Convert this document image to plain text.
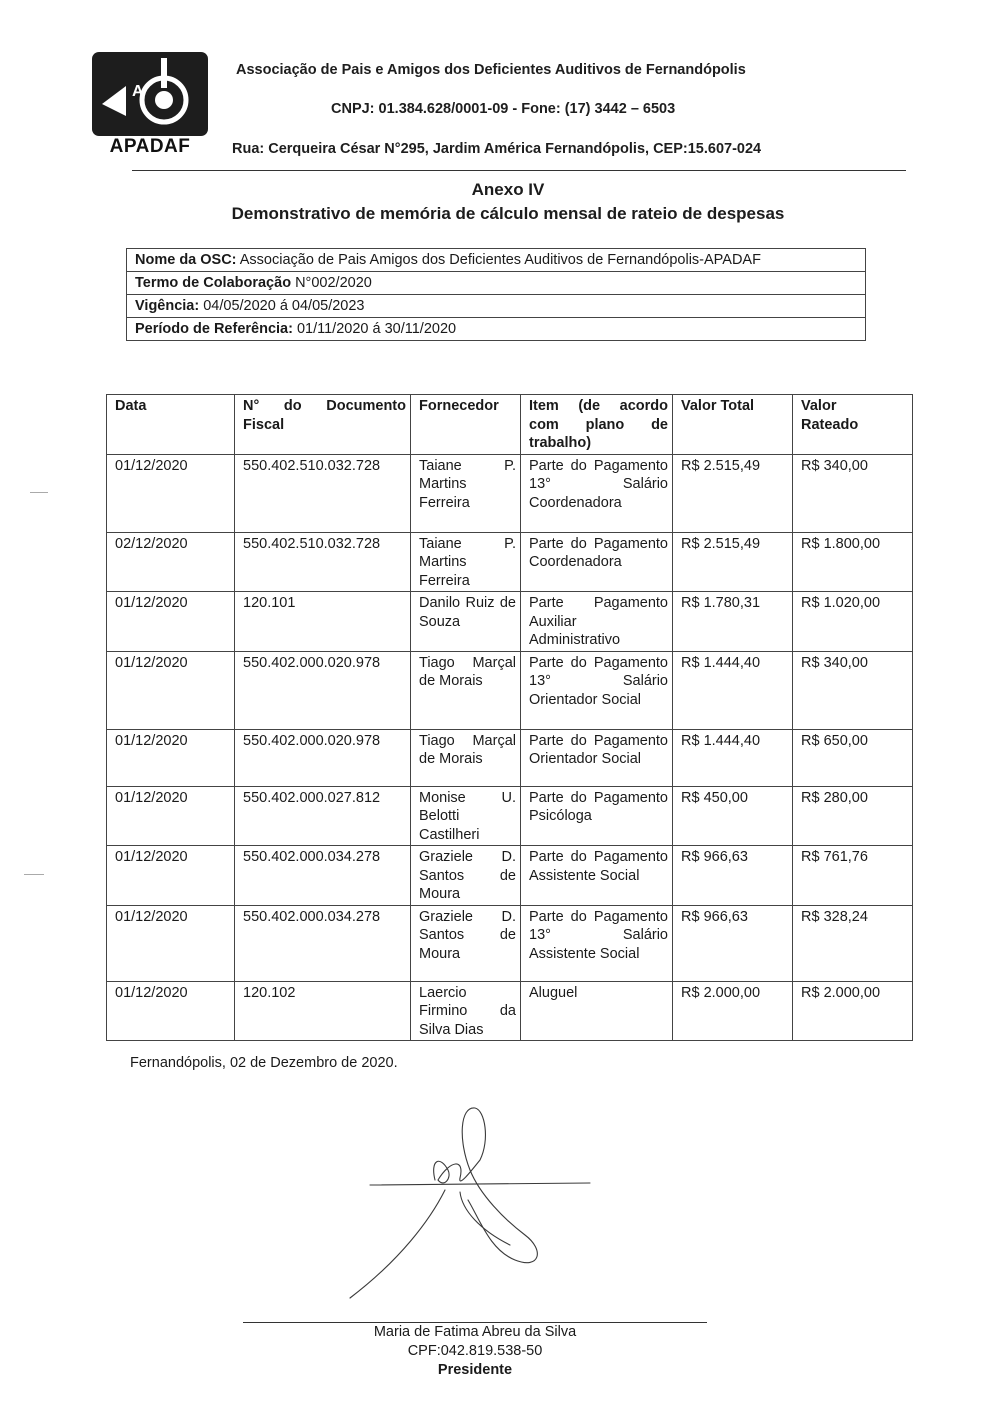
A
APADAF
Associação de Pais e Amigos dos Deficientes Auditivos de Fernandópolis
CNPJ: 01.384.628/0001-09 - Fone: (17) 3442 – 6503
Rua: Cerqueira César N°295, Jardim América Fernandópolis, CEP:15.607-024
Anexo IV
Demonstrativo de memória de cálculo mensal de rateio de despesas
Nome da OSC: Associação de Pais Amigos dos Deficientes Auditivos de Fernandópolis-APADAF
Termo de Colaboração N°002/2020
Vigência: 04/05/2020 á 04/05/2023
Período de Referência: 01/11/2020 á 30/11/2020
Data	N° do Documento Fiscal	Fornecedor	Item (de acordo com plano de trabalho)	Valor Total	Valor Rateado
01/12/2020	550.402.510.032.728	Taiane P. Martins Ferreira	Parte do Pagamento 13° Salário Coordenadora	R$ 2.515,49	R$ 340,00
02/12/2020	550.402.510.032.728	Taiane P. Martins Ferreira	Parte do Pagamento Coordenadora	R$ 2.515,49	R$ 1.800,00
01/12/2020	120.101	Danilo Ruiz de Souza	Parte Pagamento Auxiliar Administrativo	R$ 1.780,31	R$ 1.020,00
01/12/2020	550.402.000.020.978	Tiago Marçal de Morais	Parte do Pagamento 13° Salário Orientador Social	R$ 1.444,40	R$ 340,00
01/12/2020	550.402.000.020.978	Tiago Marçal de Morais	Parte do Pagamento Orientador Social	R$ 1.444,40	R$ 650,00
01/12/2020	550.402.000.027.812	Monise U. Belotti Castilheri	Parte do Pagamento Psicóloga	R$ 450,00	R$ 280,00
01/12/2020	550.402.000.034.278	Graziele D. Santos de Moura	Parte do Pagamento Assistente Social	R$ 966,63	R$ 761,76
01/12/2020	550.402.000.034.278	Graziele D. Santos de Moura	Parte do Pagamento 13° Salário Assistente Social	R$ 966,63	R$ 328,24
01/12/2020	120.102	Laercio Firmino da Silva Dias	Aluguel	R$ 2.000,00	R$ 2.000,00
Fernandópolis, 02 de Dezembro de 2020.
Maria de Fatima Abreu da Silva
CPF:042.819.538-50
Presidente
